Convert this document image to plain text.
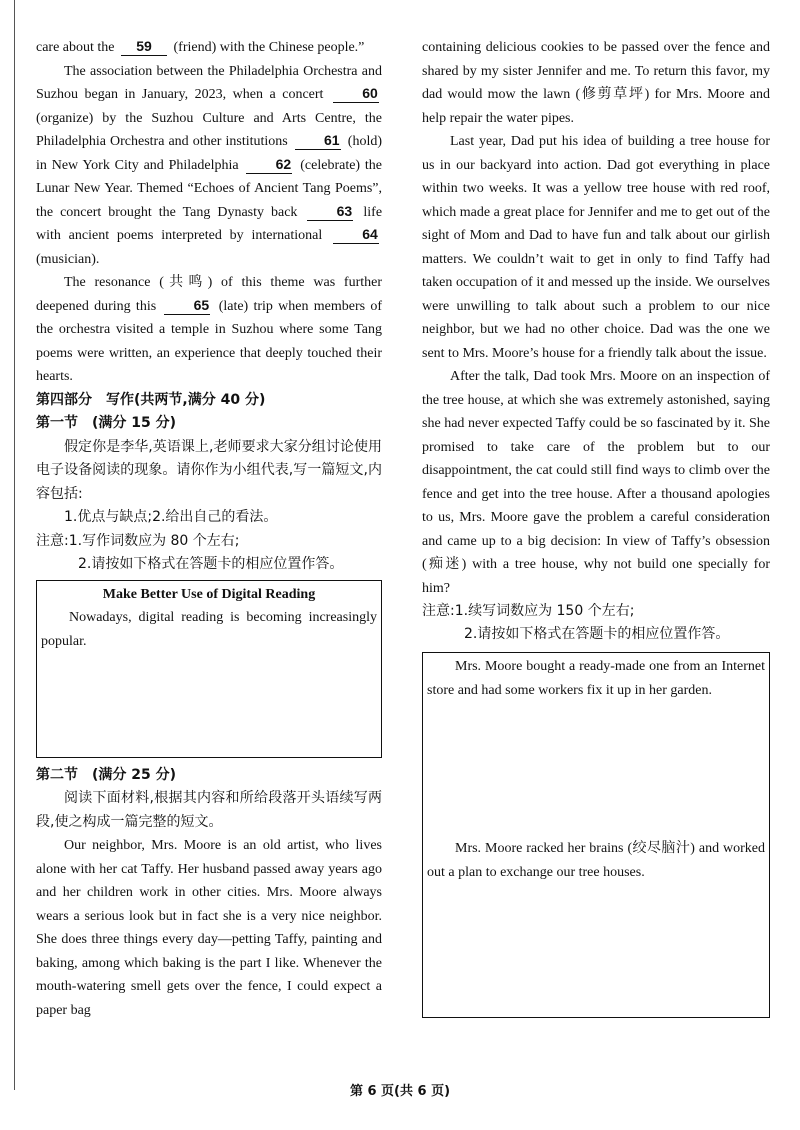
care about the 59 (friend) with the Chinese people.”

The association between the Philadelphia Orchestra and Suzhou began in January, 2023, when a concert	60 (organize) by the Suzhou Culture and Arts Centre, the Philadelphia Orchestra and other institutions	61 (hold) in New York City and Philadelphia	62 (celebrate) the Lunar New Year. Themed “Echoes of Ancient Tang Poems”, the concert brought the Tang Dynasty back	63 life with ancient poems interpreted by international	64 (musician).

The resonance (共鸣) of this theme was further deepened during this	65 (late) trip when members of the orchestra visited a temple in Suzhou where some Tang poems were written, an experience that deeply touched their hearts.

第四部分　写作(共两节,满分 40 分)
第一节　(满分 15 分)

假定你是李华,英语课上,老师要求大家分组讨论使用电子设备阅读的现象。请你作为小组代表,写一篇短文,内容包括:

1.优点与缺点;2.给出自己的看法。
注意:1.写作词数应为 80 个左右;
2.请按如下格式在答题卡的相应位置作答。
Make Better Use of Digital Reading

Nowadays, digital reading is becoming increasingly popular.

第二节　(满分 25 分)

阅读下面材料,根据其内容和所给段落开头语续写两段,使之构成一篇完整的短文。

Our neighbor, Mrs. Moore is an old artist, who lives alone with her cat Taffy. Her husband passed away years ago and her children work in other cities. Mrs. Moore always wears a serious look but in fact she is a very nice neighbor. She does three things every day—petting Taffy, painting and baking, among which baking is the part I like. Whenever the mouth-watering smell gets over the fence, I could expect a paper bag

containing delicious cookies to be passed over the fence and shared by my sister Jennifer and me. To return this favor, my dad would mow the lawn (修剪草坪) for Mrs. Moore and help repair the water pipes.

Last year, Dad put his idea of building a tree house for us in our backyard into action. Dad got everything in place within two weeks. It was a yellow tree house with red roof, which made a great place for Jennifer and me to get out of the sight of Mom and Dad to have fun and talk about our girlish matters. We couldn’t wait to get in only to find Taffy had taken occupation of it and messed up the inside. We ourselves were unwilling to talk about such a problem to our nice neighbor, but we had no other choice. Dad was the one we sent to Mrs. Moore’s house for a friendly talk about the issue.

After the talk, Dad took Mrs. Moore on an inspection of the tree house, at which she was extremely astonished, saying she had never expected Taffy could be so fascinated by it. She promised to take care of the problem but to our disappointment, the cat could still find ways to climb over the fence and get into the tree house. After a thousand apologies to us, Mrs. Moore gave the problem a careful consideration and came up to a big decision: In view of Taffy’s obsession (痴迷) with a tree house, why not build one specially for him?

注意:1.续写词数应为 150 个左右;
2.请按如下格式在答题卡的相应位置作答。

Mrs. Moore bought a ready-made one from an Internet store and had some workers fix it up in her garden.

Mrs. Moore racked her brains (绞尽脑汁) and worked out a plan to exchange our tree houses.

第 6 页(共 6 页)
